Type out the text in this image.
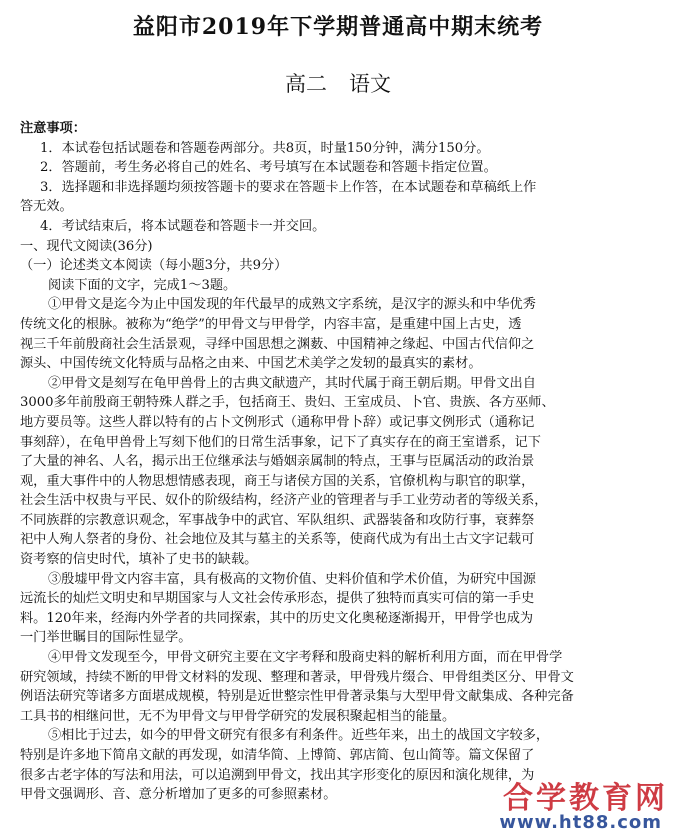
益阳市2019年下学期普通高中期末统考
高二 语文
注意事项：
1．本试卷包括试题卷和答题卷两部分。共8页，时量150分钟，满分150分。
2．答题前，考生务必将自己的姓名、考号填写在本试题卷和答题卡指定位置。
3．选择题和非选择题均须按答题卡的要求在答题卡上作答，在本试题卷和草稿纸上作
答无效。
4．考试结束后，将本试题卷和答题卡一并交回。
一、现代文阅读(36分)
（一）论述类文本阅读（每小题3分，共9分）
阅读下面的文字，完成1～3题。
①甲骨文是迄今为止中国发现的年代最早的成熟文字系统，是汉字的源头和中华优秀
传统文化的根脉。被称为“绝学”的甲骨文与甲骨学，内容丰富，是重建中国上古史，透
视三千年前殷商社会生活景观，寻绎中国思想之渊薮、中国精神之缘起、中国古代信仰之
源头、中国传统文化特质与品格之由来、中国艺术美学之发轫的最真实的素材。
②甲骨文是刻写在龟甲兽骨上的古典文献遗产，其时代属于商王朝后期。甲骨文出自
3000多年前殷商王朝特殊人群之手，包括商王、贵妇、王室成员、卜官、贵族、各方巫师、
地方要员等。这些人群以特有的占卜文例形式（通称甲骨卜辞）或记事文例形式（通称记
事刻辞），在龟甲兽骨上写刻下他们的日常生活事象，记下了真实存在的商王室谱系，记下
了大量的神名、人名，揭示出王位继承法与婚姻亲属制的特点，王事与臣属活动的政治景
观，重大事件中的人物思想情感表现，商王与诸侯方国的关系，官僚机构与职官的职掌，
社会生活中权贵与平民、奴仆的阶级结构，经济产业的管理者与手工业劳动者的等级关系，
不同族群的宗教意识观念，军事战争中的武官、军队组织、武器装备和攻防行事，衰葬祭
祀中人殉人祭者的身份、社会地位及其与墓主的关系等，使商代成为有出土古文字记载可
资考察的信史时代，填补了史书的缺载。
③殷墟甲骨文内容丰富，具有极高的文物价值、史料价值和学术价值，为研究中国源
远流长的灿烂文明史和早期国家与人文社会传承形态，提供了独特而真实可信的第一手史
料。120年来，经海内外学者的共同探索，其中的历史文化奥秘逐渐揭开，甲骨学也成为
一门举世瞩目的国际性显学。
④甲骨文发现至今，甲骨文研究主要在文字考释和殷商史料的解析利用方面，而在甲骨学
研究领域，持续不断的甲骨文材料的发现、整理和著录，甲骨残片缀合、甲骨组类区分、甲骨文
例语法研究等诸多方面堪成规模，特别是近世整宗性甲骨著录集与大型甲骨文献集成、各种完备
工具书的相继问世，无不为甲骨文与甲骨学研究的发展积聚起相当的能量。
⑤相比于过去，如今的甲骨文研究有很多有利条件。近些年来，出土的战国文字较多，
特别是许多地下简帛文献的再发现，如清华简、上博简、郭店简、包山简等。篇文保留了
很多古老字体的写法和用法，可以追溯到甲骨文，找出其字形变化的原因和演化规律，为
甲骨文强调形、音、意分析增加了更多的可参照素材。	合学教育网
www.ht88.com
